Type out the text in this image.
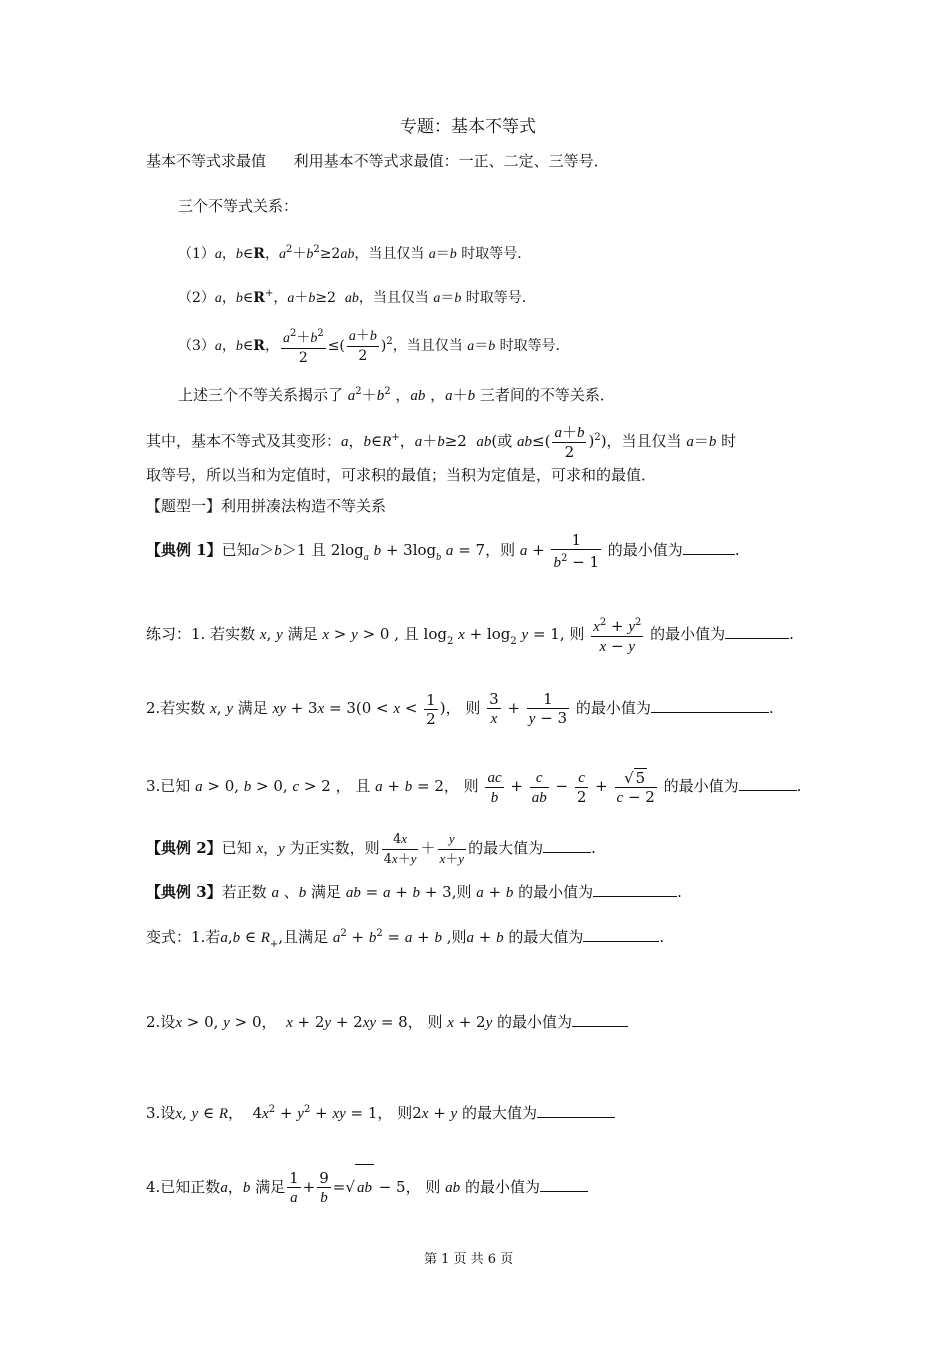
专题：基本不等式
基本不等式求最值 利用基本不等式求最值：一正、二定、三等号．
三个不等式关系：
（1）a，b∈R，$a^2+b^2\ge 2ab$，当且仅当 a＝b 时取等号．
（2）a，b∈R+，a＋b≥2  ab，当且仅当 a＝b 时取等号．
（3）a，b∈R， $\frac{a^2+b^2}{2}$ ≤( $\frac{a+b}{2} )^2$，当且仅当 a＝b 时取等号．
上述三个不等关系揭示了 $a^2+b^2$ ，ab ，a＋b 三者间的不等关系．
其中，基本不等式及其变形：a，b∈R+，a＋b≥2  ab(或 $ab\le( \frac{a+b}{2} )^2$)，当且仅当 a＝b 时
取等号，所以当和为定值时，可求积的最值；当积为定值是，可求和的最值．
【题型一】利用拼凑法构造不等关系
【典例 1】已知a＞b＞1 且 $2\log_a$ $b + 3\log_b$ a = 7，则 $a + \frac{1}{b^2 - 1}$ 的最小值为	.
练习：1. 若实数 x, y 满足 x > y > 0 , 且 $\log_2 x + \log_2 y = 1$, 则 $\frac{x^2 + y^2}{x - y}$ 的最小值为	.
2.若实数 x, y 满足 xy + $3x = 3(0 < x < \frac{1}{2}$ )， 则 $\frac{3}{x} + \frac{1}{y - 3}$ 的最小值为	.
3.已知 a > 0, b > 0, c > 2 ， 且 a + b = 2， 则 $\frac{ac}{b} + \frac{c}{ab} - \frac{c}{2} + \frac{√ 5}{c - 2}$ 的最小值为	.
【典例 2】已知 x，y 为正实数，则 $\frac{4x}{4x+y} + \frac{y}{x+y}$ 的最大值为	.
【典例 3】若正数 a 、b 满足 ab = a + b + 3,则 a + b 的最小值为	.
变式：1.若a,b ∈ $R_+$,且满足 $a^2 + b^2 = a + b$ ,则a + b 的最大值为	.
2.设x > 0, y > 0， x + 2y + 2xy = 8， 则 x + 2y 的最小值为
3.设x, y ∈ R，  $4x^2 + y^2$ + xy = 1， 则2x + y 的最大值为
4.已知正数a，b 满足 $\frac{1}{a} + \frac{9}{b}$ =√ ab − 5， 则 ab 的最小值为
第 1 页 共 6 页
